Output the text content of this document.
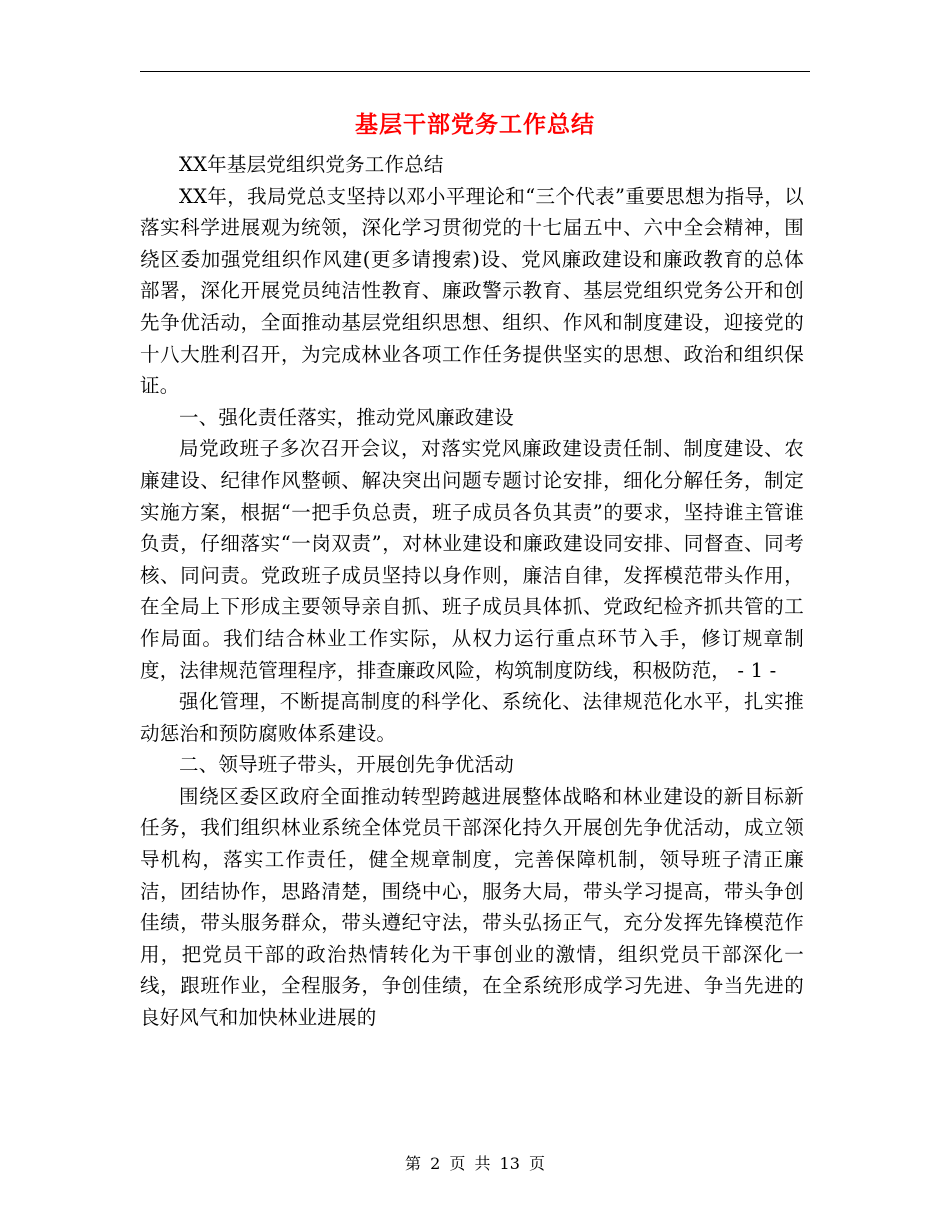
基层干部党务工作总结

XX年基层党组织党务工作总结

XX年，我局党总支坚持以邓小平理论和“三个代表”重要思想为指导，以落实科学进展观为统领，深化学习贯彻党的十七届五中、六中全会精神，围绕区委加强党组织作风建(更多请搜索)设、党风廉政建设和廉政教育的总体部署，深化开展党员纯洁性教育、廉政警示教育、基层党组织党务公开和创先争优活动，全面推动基层党组织思想、组织、作风和制度建设，迎接党的十八大胜利召开，为完成林业各项工作任务提供坚实的思想、政治和组织保证。

一、强化责任落实，推动党风廉政建设

局党政班子多次召开会议，对落实党风廉政建设责任制、制度建设、农廉建设、纪律作风整顿、解决突出问题专题讨论安排，细化分解任务，制定实施方案，根据“一把手负总责，班子成员各负其责”的要求，坚持谁主管谁负责，仔细落实“一岗双责”，对林业建设和廉政建设同安排、同督查、同考核、同问责。党政班子成员坚持以身作则，廉洁自律，发挥模范带头作用，在全局上下形成主要领导亲自抓、班子成员具体抓、党政纪检齐抓共管的工作局面。我们结合林业工作实际，从权力运行重点环节入手，修订规章制度，法律规范管理程序，排查廉政风险，构筑制度防线，积极防范， - 1 -

强化管理，不断提高制度的科学化、系统化、法律规范化水平，扎实推动惩治和预防腐败体系建设。

二、领导班子带头，开展创先争优活动

围绕区委区政府全面推动转型跨越进展整体战略和林业建设的新目标新任务，我们组织林业系统全体党员干部深化持久开展创先争优活动，成立领导机构，落实工作责任，健全规章制度，完善保障机制，领导班子清正廉洁，团结协作，思路清楚，围绕中心，服务大局，带头学习提高，带头争创佳绩，带头服务群众，带头遵纪守法，带头弘扬正气，充分发挥先锋模范作用，把党员干部的政治热情转化为干事创业的激情，组织党员干部深化一线，跟班作业，全程服务，争创佳绩，在全系统形成学习先进、争当先进的良好风气和加快林业进展的

第 2 页 共 13 页
